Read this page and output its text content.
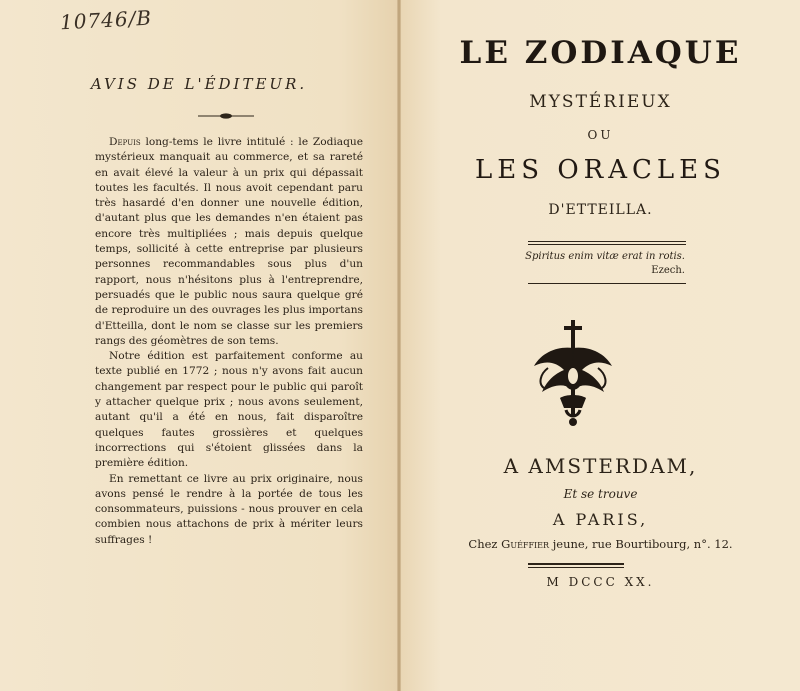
10746/B
AVIS DE L'ÉDITEUR.

Depuis long-tems le livre intitulé : le Zodiaque mystérieux manquait au commerce, et sa rareté en avait élevé la valeur à un prix qui dépassait toutes les facultés. Il nous avoit cependant paru très hasardé d'en donner une nouvelle édition, d'autant plus que les demandes n'en étaient pas encore très multipliées ; mais depuis quelque temps, sollicité à cette entreprise par plusieurs personnes recommandables sous plus d'un rapport, nous n'hésitons plus à l'entreprendre, persuadés que le public nous saura quelque gré de reproduire un des ouvrages les plus importans d'Etteilla, dont le nom se classe sur les premiers rangs des géomètres de son tems.

Notre édition est parfaitement conforme au texte publié en 1772 ; nous n'y avons fait aucun changement par respect pour le public qui paroît y attacher quelque prix ; nous avons seulement, autant qu'il a été en nous, fait disparoître quelques fautes grossières et quelques incorrections qui s'étoient glissées dans la première édition.

En remettant ce livre au prix originaire, nous avons pensé le rendre à la portée de tous les consommateurs, puissions - nous prouver en cela combien nous attachons de prix à mériter leurs suffrages !

LE ZODIAQUE
MYSTÉRIEUX
OU
LES ORACLES
D'ETTEILLA.
Spiritus enim vitæ erat in rotis.
Ezech.
A AMSTERDAM,
Et se trouve
A PARIS,
Chez Guéffier jeune, rue Bourtibourg, n°. 12.
M DCCC XX.
